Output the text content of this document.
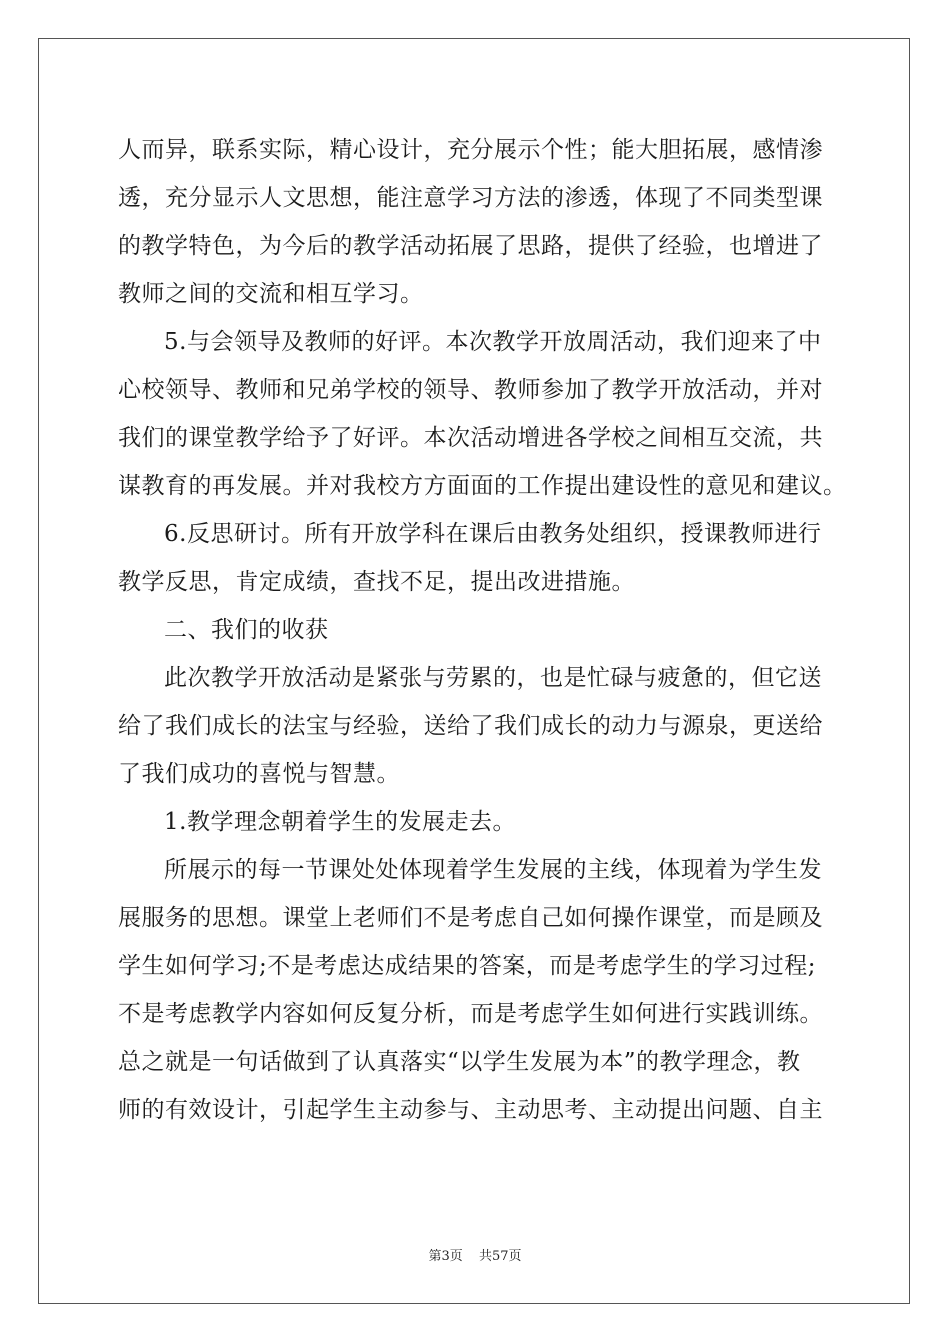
人而异，联系实际，精心设计，充分展示个性；能大胆拓展，感情渗
透，充分显示人文思想，能注意学习方法的渗透，体现了不同类型课
的教学特色，为今后的教学活动拓展了思路，提供了经验，也增进了
教师之间的交流和相互学习。
5.与会领导及教师的好评。本次教学开放周活动，我们迎来了中
心校领导、教师和兄弟学校的领导、教师参加了教学开放活动，并对
我们的课堂教学给予了好评。本次活动增进各学校之间相互交流，共
谋教育的再发展。并对我校方方面面的工作提出建设性的意见和建议。
6.反思研讨。所有开放学科在课后由教务处组织，授课教师进行
教学反思，肯定成绩，查找不足，提出改进措施。
二、我们的收获
此次教学开放活动是紧张与劳累的，也是忙碌与疲惫的，但它送
给了我们成长的法宝与经验，送给了我们成长的动力与源泉，更送给
了我们成功的喜悦与智慧。
1.教学理念朝着学生的发展走去。
所展示的每一节课处处体现着学生发展的主线，体现着为学生发
展服务的思想。课堂上老师们不是考虑自己如何操作课堂，而是顾及
学生如何学习;不是考虑达成结果的答案，而是考虑学生的学习过程;
不是考虑教学内容如何反复分析，而是考虑学生如何进行实践训练。
总之就是一句话做到了认真落实“以学生发展为本”的教学理念，教
师的有效设计，引起学生主动参与、主动思考、主动提出问题、自主
第3页 共57页
